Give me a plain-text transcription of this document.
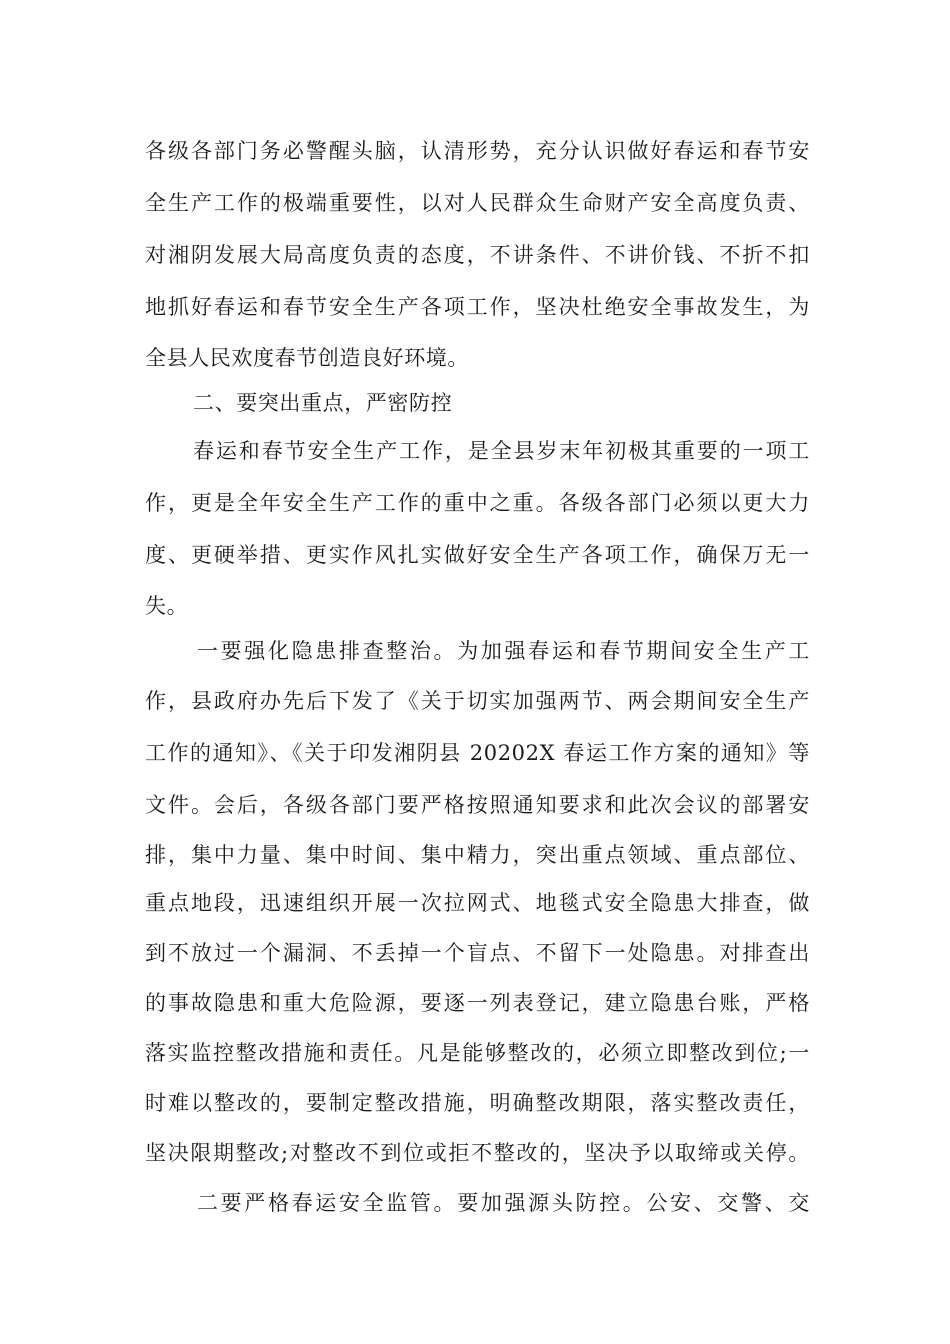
各级各部门务必警醒头脑，认清形势，充分认识做好春运和春节安
全生产工作的极端重要性，以对人民群众生命财产安全高度负责、
对湘阴发展大局高度负责的态度，不讲条件、不讲价钱、不折不扣
地抓好春运和春节安全生产各项工作，坚决杜绝安全事故发生，为
全县人民欢度春节创造良好环境。
二、要突出重点，严密防控
春运和春节安全生产工作，是全县岁末年初极其重要的一项工
作，更是全年安全生产工作的重中之重。各级各部门必须以更大力
度、更硬举措、更实作风扎实做好安全生产各项工作，确保万无一
失。
一要强化隐患排查整治。为加强春运和春节期间安全生产工
作，县政府办先后下发了《关于切实加强两节、两会期间安全生产
工作的通知》、《关于印发湘阴县 20202X 春运工作方案的通知》等
文件。会后，各级各部门要严格按照通知要求和此次会议的部署安
排，集中力量、集中时间、集中精力，突出重点领域、重点部位、
重点地段，迅速组织开展一次拉网式、地毯式安全隐患大排查，做
到不放过一个漏洞、不丢掉一个盲点、不留下一处隐患。对排查出
的事故隐患和重大危险源，要逐一列表登记，建立隐患台账，严格
落实监控整改措施和责任。凡是能够整改的，必须立即整改到位;一
时难以整改的，要制定整改措施，明确整改期限，落实整改责任，
坚决限期整改;对整改不到位或拒不整改的，坚决予以取缔或关停。
二要严格春运安全监管。要加强源头防控。公安、交警、交
